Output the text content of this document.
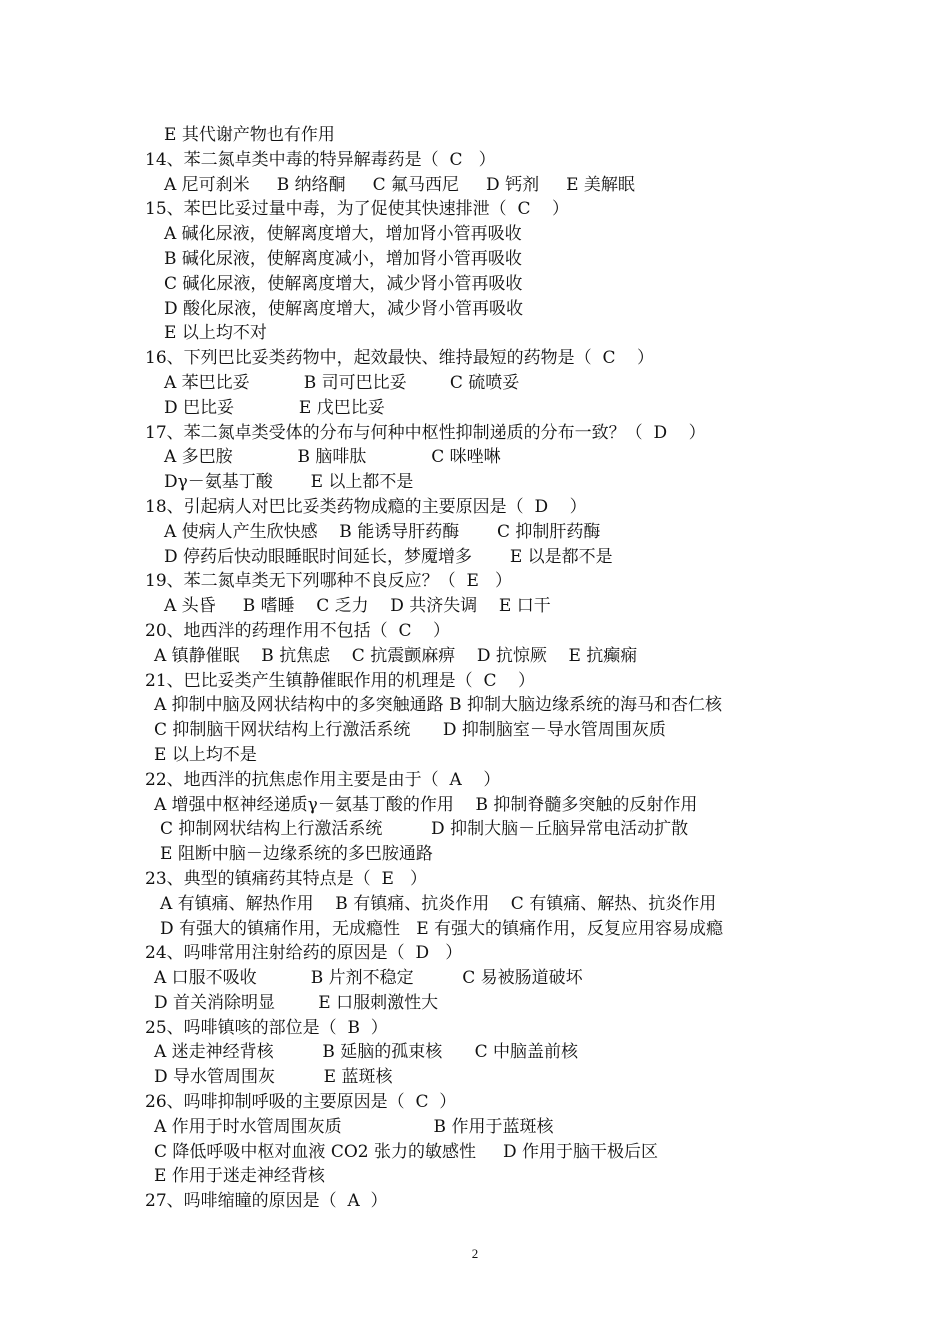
E 其代谢产物也有作用
14、苯二氮卓类中毒的特异解毒药是（  C   ）
A 尼可刹米     B 纳络酮     C 氟马西尼     D 钙剂     E 美解眠
15、苯巴比妥过量中毒，为了促使其快速排泄（  C    ）
A 碱化尿液，使解离度增大，增加肾小管再吸收
B 碱化尿液，使解离度减小，增加肾小管再吸收
C 碱化尿液，使解离度增大，减少肾小管再吸收
D 酸化尿液，使解离度增大，减少肾小管再吸收
E 以上均不对
16、下列巴比妥类药物中，起效最快、维持最短的药物是（  C    ）
A 苯巴比妥          B 司可巴比妥        C 硫喷妥
D 巴比妥            E 戊巴比妥
17、苯二氮卓类受体的分布与何种中枢性抑制递质的分布一致？（  D    ）
A 多巴胺            B 脑啡肽            C 咪唑啉
Dγ－氨基丁酸       E 以上都不是
18、引起病人对巴比妥类药物成瘾的主要原因是（  D    ）
A 使病人产生欣快感    B 能诱导肝药酶       C 抑制肝药酶
D 停药后快动眼睡眠时间延长，梦魇增多       E 以是都不是
19、苯二氮卓类无下列哪种不良反应？（  E   ）
A 头昏     B 嗜睡    C 乏力    D 共济失调    E 口干
20、地西泮的药理作用不包括（  C    ）
A 镇静催眠    B 抗焦虑    C 抗震颤麻痹    D 抗惊厥    E 抗癫痫
21、巴比妥类产生镇静催眠作用的机理是（  C    ）
A 抑制中脑及网状结构中的多突触通路 B 抑制大脑边缘系统的海马和杏仁核
C 抑制脑干网状结构上行激活系统      D 抑制脑室－导水管周围灰质
E 以上均不是
22、地西泮的抗焦虑作用主要是由于（  A    ）
A 增强中枢神经递质γ－氨基丁酸的作用    B 抑制脊髓多突触的反射作用
C 抑制网状结构上行激活系统         D 抑制大脑－丘脑异常电活动扩散
E 阻断中脑－边缘系统的多巴胺通路
23、典型的镇痛药其特点是（  E   ）
A 有镇痛、解热作用    B 有镇痛、抗炎作用    C 有镇痛、解热、抗炎作用
D 有强大的镇痛作用，无成瘾性   E 有强大的镇痛作用，反复应用容易成瘾
24、吗啡常用注射给药的原因是（  D   ）
A 口服不吸收          B 片剂不稳定         C 易被肠道破坏
D 首关消除明显        E 口服刺激性大
25、吗啡镇咳的部位是（  B  ）
A 迷走神经背核         B 延脑的孤束核      C 中脑盖前核
D 导水管周围灰         E 蓝斑核
26、吗啡抑制呼吸的主要原因是（  C  ）
A 作用于时水管周围灰质                 B 作用于蓝斑核
C 降低呼吸中枢对血液 CO2 张力的敏感性     D 作用于脑干极后区
E 作用于迷走神经背核
27、吗啡缩瞳的原因是（  A  ）
2
